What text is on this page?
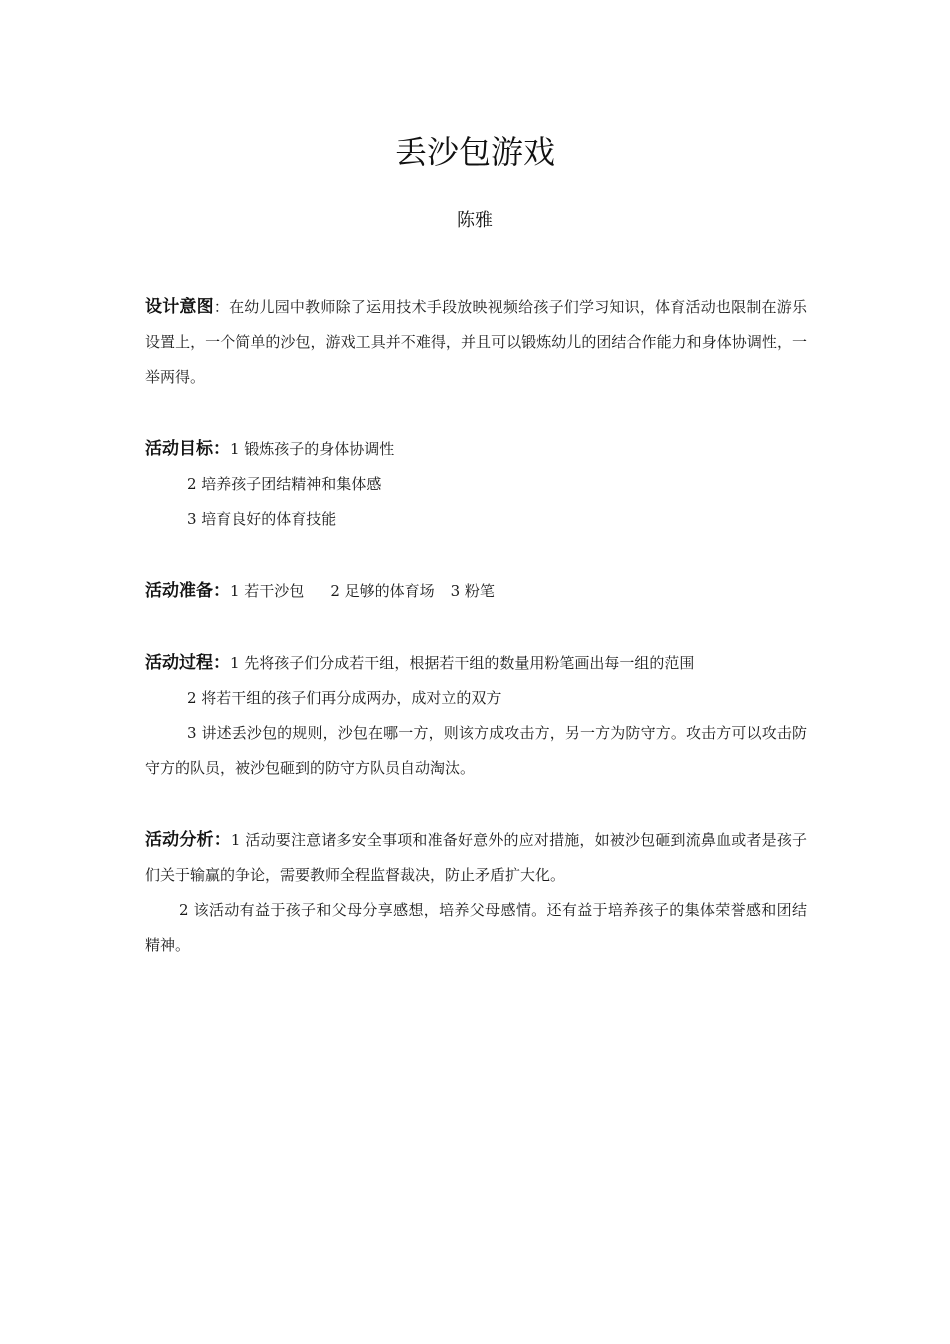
丢沙包游戏
陈雅

设计意图：在幼儿园中教师除了运用技术手段放映视频给孩子们学习知识，体育活动也限制在游乐设置上，一个简单的沙包，游戏工具并不难得，并且可以锻炼幼儿的团结合作能力和身体协调性，一举两得。

活动目标：1 锻炼孩子的身体协调性

2 培养孩子团结精神和集体感

3 培育良好的体育技能

活动准备：1 若干沙包 2 足够的体育场 3 粉笔

活动过程：1 先将孩子们分成若干组，根据若干组的数量用粉笔画出每一组的范围

2 将若干组的孩子们再分成两办，成对立的双方

3 讲述丢沙包的规则，沙包在哪一方，则该方成攻击方，另一方为防守方。攻击方可以攻击防守方的队员，被沙包砸到的防守方队员自动淘汰。

活动分析：1 活动要注意诸多安全事项和准备好意外的应对措施，如被沙包砸到流鼻血或者是孩子们关于输赢的争论，需要教师全程监督裁决，防止矛盾扩大化。

2 该活动有益于孩子和父母分享感想，培养父母感情。还有益于培养孩子的集体荣誉感和团结精神。
